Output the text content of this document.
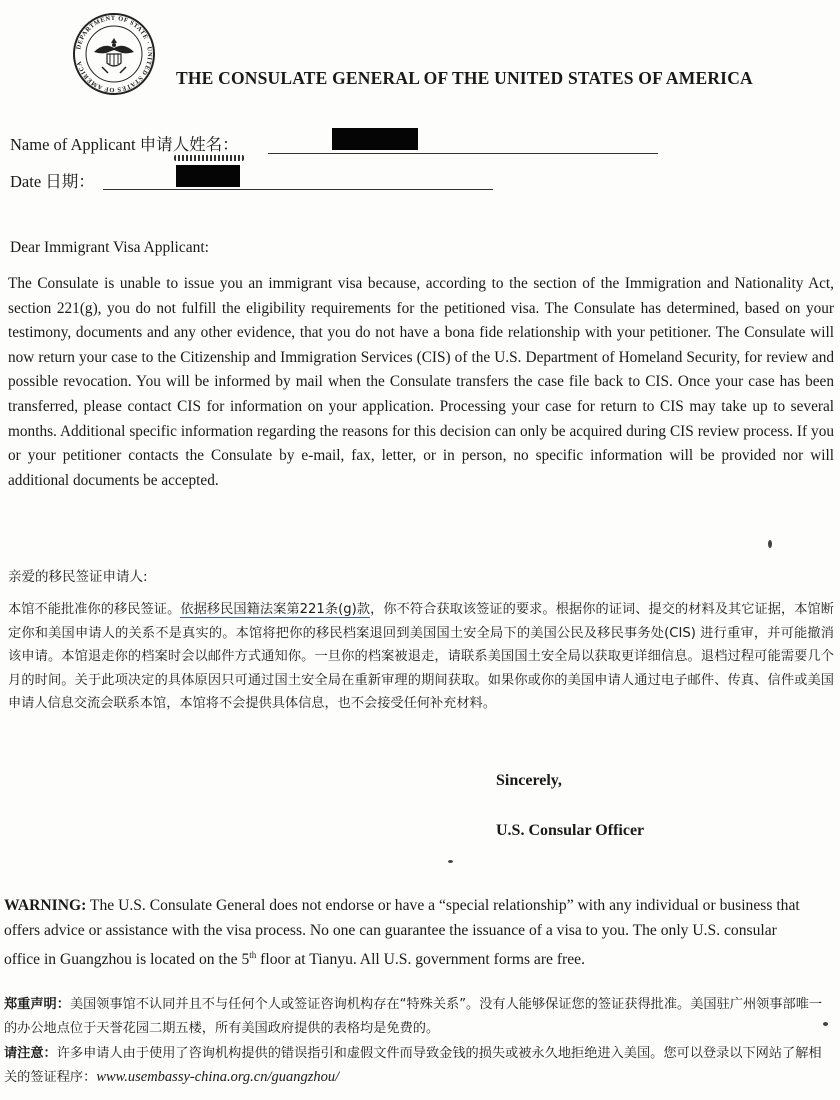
DEPARTMENT OF STATE · UNITED STATES OF AMERICA
THE CONSULATE GENERAL OF THE UNITED STATES OF AMERICA
Name of Applicant 申请人姓名：
Date 日期：

Dear Immigrant Visa Applicant:

The Consulate is unable to issue you an immigrant visa because, according to the section of the Immigration and Nationality Act, section 221(g), you do not fulfill the eligibility requirements for the petitioned visa. The Consulate has determined, based on your testimony, documents and any other evidence, that you do not have a bona fide relationship with your petitioner. The Consulate will now return your case to the Citizenship and Immigration Services (CIS) of the U.S. Department of Homeland Security, for review and possible revocation. You will be informed by mail when the Consulate transfers the case file back to CIS. Once your case has been transferred, please contact CIS for information on your application. Processing your case for return to CIS may take up to several months. Additional specific information regarding the reasons for this decision can only be acquired during CIS review process. If you or your petitioner contacts the Consulate by e-mail, fax, letter, or in person, no specific information will be provided nor will additional documents be accepted.

亲爱的移民签证申请人:

本馆不能批准你的移民签证。依据移民国籍法案第221条(g)款，你不符合获取该签证的要求。根据你的证词、提交的材料及其它证据，本馆断定你和美国申请人的关系不是真实的。本馆将把你的移民档案退回到美国国土安全局下的美国公民及移民事务处(CIS) 进行重审，并可能撤消该申请。本馆退走你的档案时会以邮件方式通知你。一旦你的档案被退走，请联系美国国土安全局以获取更详细信息。退档过程可能需要几个月的时间。关于此项决定的具体原因只可通过国土安全局在重新审理的期间获取。如果你或你的美国申请人通过电子邮件、传真、信件或美国申请人信息交流会联系本馆，本馆将不会提供具体信息，也不会接受任何补充材料。

Sincerely,

U.S. Consular Officer

WARNING: The U.S. Consulate General does not endorse or have a “special relationship” with any individual or business that offers advice or assistance with the visa process. No one can guarantee the issuance of a visa to you. The only U.S. consular office in Guangzhou is located on the 5th floor at Tianyu. All U.S. government forms are free.

郑重声明：美国领事馆不认同并且不与任何个人或签证咨询机构存在“特殊关系”。没有人能够保证您的签证获得批准。美国驻广州领事部唯一的办公地点位于天誉花园二期五楼，所有美国政府提供的表格均是免费的。

请注意：许多申请人由于使用了咨询机构提供的错误指引和虚假文件而导致金钱的损失或被永久地拒绝进入美国。您可以登录以下网站了解相关的签证程序：www.usembassy-china.org.cn/guangzhou/
